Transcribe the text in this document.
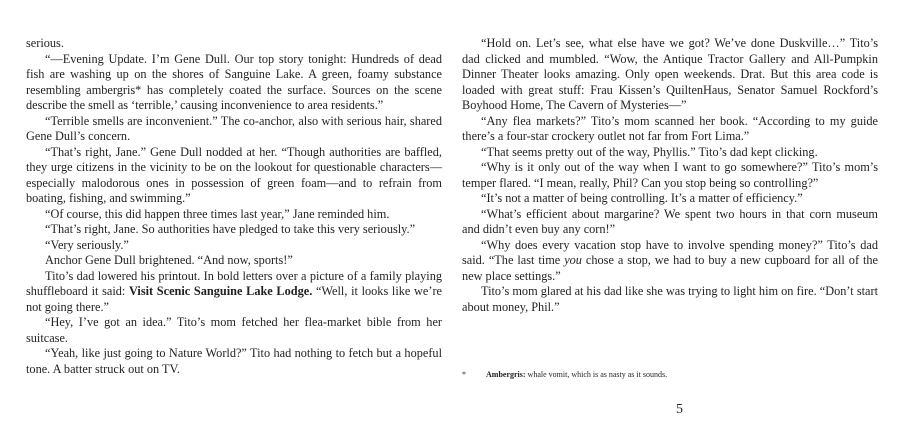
serious.

“—Evening Update. I’m Gene Dull. Our top story tonight: Hundreds of dead fish are washing up on the shores of Sanguine Lake. A green, foamy substance resembling ambergris* has completely coated the surface. Sources on the scene describe the smell as ‘terrible,’ causing inconvenience to area residents.”

“Terrible smells are inconvenient.” The co-anchor, also with serious hair, shared Gene Dull’s concern.

“That’s right, Jane.” Gene Dull nodded at her. “Though authorities are baffled, they urge citizens in the vicinity to be on the lookout for questionable characters—especially malodorous ones in possession of green foam—and to refrain from boating, fishing, and swimming.”

“Of course, this did happen three times last year,” Jane reminded him.

“That’s right, Jane. So authorities have pledged to take this very seriously.”

“Very seriously.”

Anchor Gene Dull brightened. “And now, sports!”

Tito’s dad lowered his printout. In bold letters over a picture of a family playing shuffleboard it said: Visit Scenic Sanguine Lake Lodge. “Well, it looks like we’re not going there.”

“Hey, I’ve got an idea.” Tito’s mom fetched her flea-market bible from her suitcase.

“Yeah, like just going to Nature World?” Tito had nothing to fetch but a hopeful tone. A batter struck out on TV.

“Hold on. Let’s see, what else have we got? We’ve done Duskville…” Tito’s dad clicked and mumbled. “Wow, the Antique Tractor Gallery and All-Pumpkin Dinner Theater looks amazing. Only open weekends. Drat. But this area code is loaded with great stuff: Frau Kissen’s QuiltenHaus, Senator Samuel Rockford’s Boyhood Home, The Cavern of Mysteries—”

“Any flea markets?” Tito’s mom scanned her book. “According to my guide there’s a four-star crockery outlet not far from Fort Lima.”

“That seems pretty out of the way, Phyllis.” Tito’s dad kept clicking.

“Why is it only out of the way when I want to go somewhere?” Tito’s mom’s temper flared. “I mean, really, Phil? Can you stop being so controlling?”

“It’s not a matter of being controlling. It’s a matter of efficiency.”

“What’s efficient about margarine? We spent two hours in that corn museum and didn’t even buy any corn!”

“Why does every vacation stop have to involve spending money?” Tito’s dad said. “The last time you chose a stop, we had to buy a new cupboard for all of the new place settings.”

Tito’s mom glared at his dad like she was trying to light him on fire. “Don’t start about money, Phil.”

*	Ambergris: whale vomit, which is as nasty as it sounds.
5
